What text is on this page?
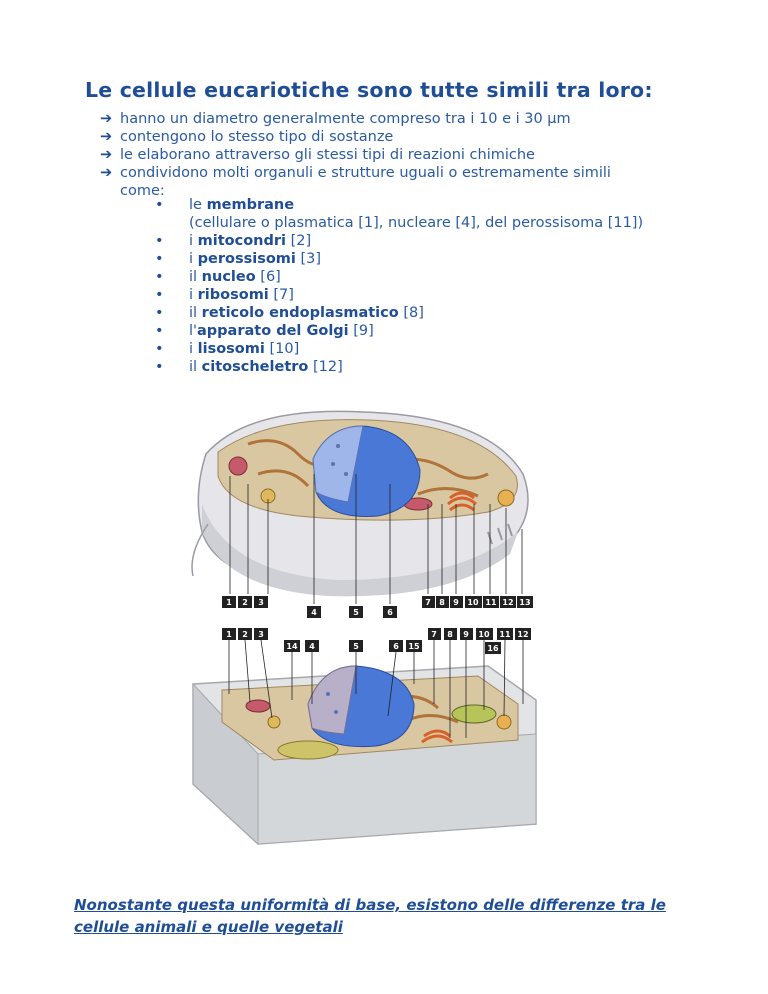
Le cellule eucariotiche sono tutte simili tra loro:
➔ hanno un diametro generalmente compreso tra i 10 e i 30 µm
➔ contengono lo stesso tipo di sostanze
➔ le elaborano attraverso gli stessi tipi di reazioni chimiche
➔ condividono molti organuli e strutture uguali o estremamente simili come:
• le membrane
(cellulare o plasmatica [1], nucleare [4], del perossisoma [11])
• i mitocondri [2]
• i perossisomi [3]
• il nucleo [6]
• i ribosomi [7]
• il reticolo endoplasmatico [8]
• l'apparato del Golgi [9]
• i lisosomi [10]
• il citoscheletro [12]
1 2 3
4	5	6
7 8 9 10 11 12 13
1 2 3
14 4	5	6 15
7 8 9 10 11 12
16
Nonostante questa uniformità di base, esistono delle differenze tra le cellule animali e quelle vegetali
